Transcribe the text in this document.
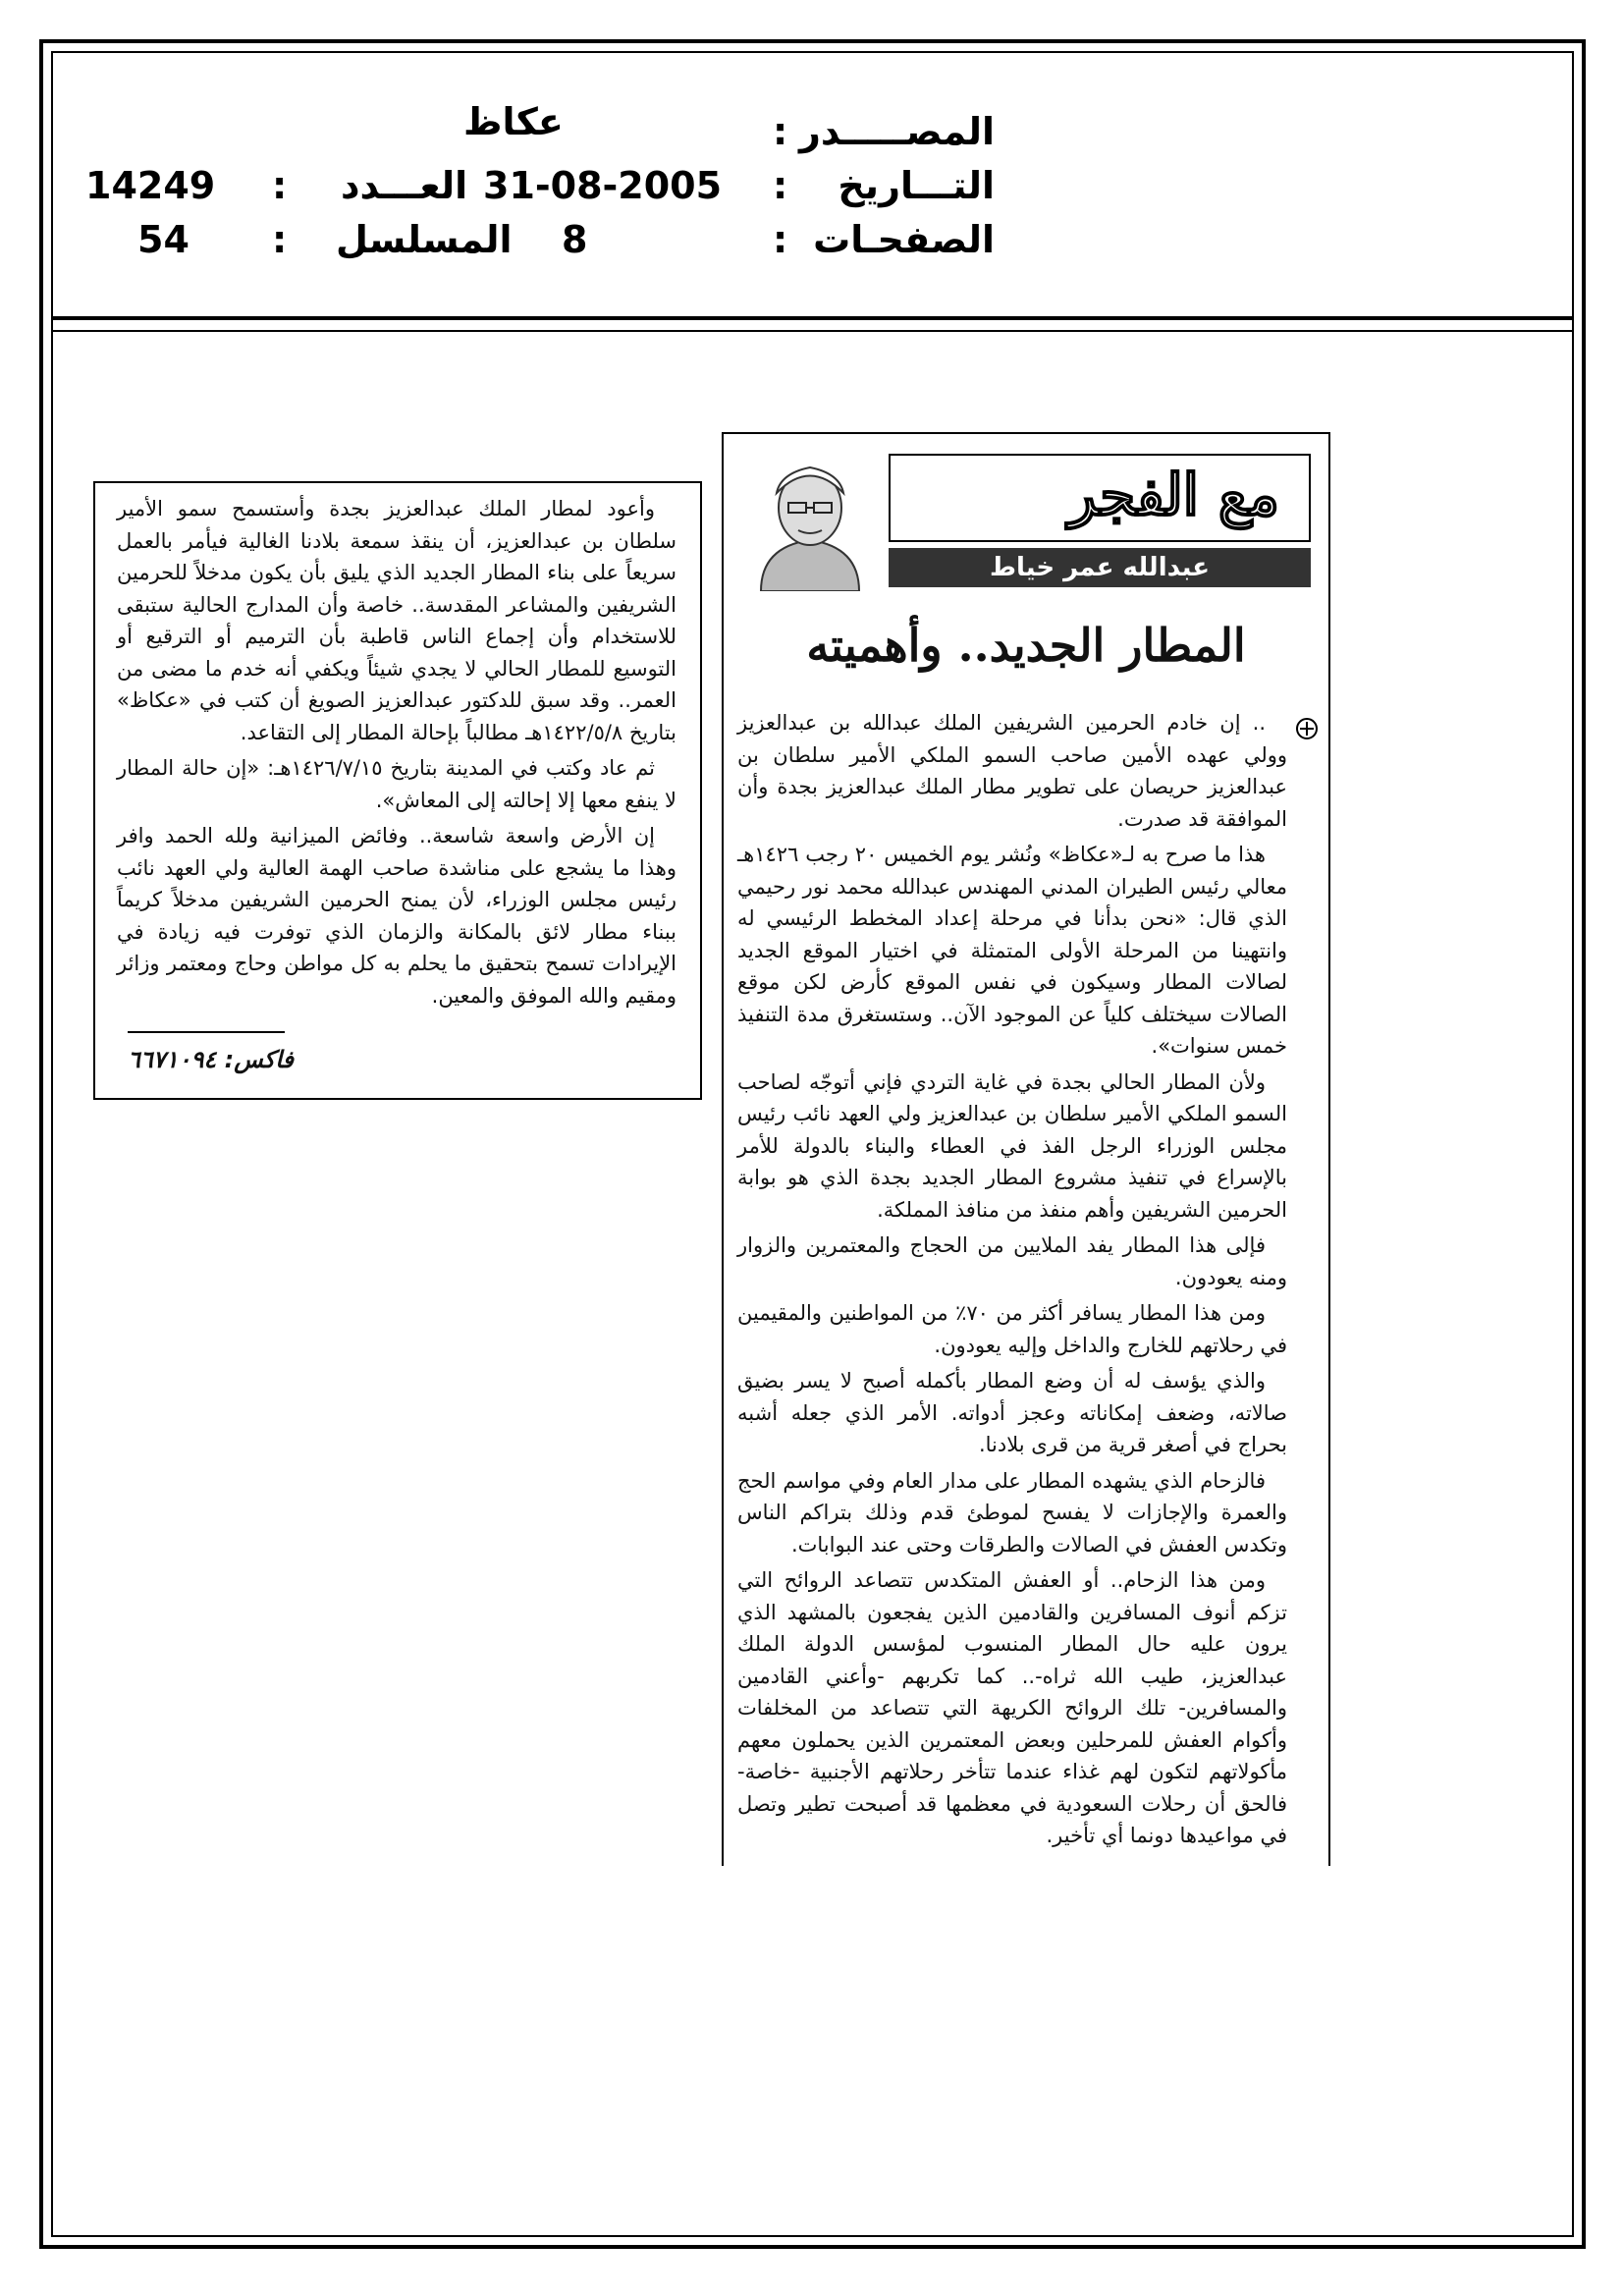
المصـــــدر
:
عكاظ
التـــاريخ
:
31-08-2005
العـــدد
:
14249
الصفحـات
:
8
المسلسل
:
54
مع الفجر
عبدالله عمر خياط
المطار الجديد.. وأهميته

.. إن خادم الحرمين الشريفين الملك عبدالله بن عبدالعزيز وولي عهده الأمين صاحب السمو الملكي الأمير سلطان بن عبدالعزيز حريصان على تطوير مطار الملك عبدالعزيز بجدة وأن الموافقة قد صدرت.

هذا ما صرح به لـ«عكاظ» ونُشر يوم الخميس ٢٠ رجب ١٤٢٦هـ معالي رئيس الطيران المدني المهندس عبدالله محمد نور رحيمي الذي قال: «نحن بدأنا في مرحلة إعداد المخطط الرئيسي له وانتهينا من المرحلة الأولى المتمثلة في اختيار الموقع الجديد لصالات المطار وسيكون في نفس الموقع كأرض لكن موقع الصالات سيختلف كلياً عن الموجود الآن.. وستستغرق مدة التنفيذ خمس سنوات».

ولأن المطار الحالي بجدة في غاية التردي فإني أتوجّه لصاحب السمو الملكي الأمير سلطان بن عبدالعزيز ولي العهد نائب رئيس مجلس الوزراء الرجل الفذ في العطاء والبناء بالدولة للأمر بالإسراع في تنفيذ مشروع المطار الجديد بجدة الذي هو بوابة الحرمين الشريفين وأهم منفذ من منافذ المملكة.

فإلى هذا المطار يفد الملايين من الحجاج والمعتمرين والزوار ومنه يعودون.

ومن هذا المطار يسافر أكثر من ٧٠٪ من المواطنين والمقيمين في رحلاتهم للخارج والداخل وإليه يعودون.

والذي يؤسف له أن وضع المطار بأكمله أصبح لا يسر بضيق صالاته، وضعف إمكاناته وعجز أدواته. الأمر الذي جعله أشبه بحراج في أصغر قرية من قرى بلادنا.

فالزحام الذي يشهده المطار على مدار العام وفي مواسم الحج والعمرة والإجازات لا يفسح لموطئ قدم وذلك بتراكم الناس وتكدس العفش في الصالات والطرقات وحتى عند البوابات.

ومن هذا الزحام.. أو العفش المتكدس تتصاعد الروائح التي تزكم أنوف المسافرين والقادمين الذين يفجعون بالمشهد الذي يرون عليه حال المطار المنسوب لمؤسس الدولة الملك عبدالعزيز، طيب الله ثراه-.. كما تكربهم -وأعني القادمين والمسافرين- تلك الروائح الكريهة التي تتصاعد من المخلفات وأكوام العفش للمرحلين وبعض المعتمرين الذين يحملون معهم مأكولاتهم لتكون لهم غذاء عندما تتأخر رحلاتهم الأجنبية -خاصة- فالحق أن رحلات السعودية في معظمها قد أصبحت تطير وتصل في مواعيدها دونما أي تأخير.

وأعود لمطار الملك عبدالعزيز بجدة وأستسمح سمو الأمير سلطان بن عبدالعزيز، أن ينقذ سمعة بلادنا الغالية فيأمر بالعمل سريعاً على بناء المطار الجديد الذي يليق بأن يكون مدخلاً للحرمين الشريفين والمشاعر المقدسة.. خاصة وأن المدارج الحالية ستبقى للاستخدام وأن إجماع الناس قاطبة بأن الترميم أو الترقيع أو التوسيع للمطار الحالي لا يجدي شيئاً ويكفي أنه خدم ما مضى من العمر.. وقد سبق للدكتور عبدالعزيز الصويغ أن كتب في «عكاظ» بتاريخ ١٤٢٢/٥/٨هـ مطالباً بإحالة المطار إلى التقاعد.

ثم عاد وكتب في المدينة بتاريخ ١٤٢٦/٧/١٥هـ: «إن حالة المطار لا ينفع معها إلا إحالته إلى المعاش».

إن الأرض واسعة شاسعة.. وفائض الميزانية ولله الحمد وافر وهذا ما يشجع على مناشدة صاحب الهمة العالية ولي العهد نائب رئيس مجلس الوزراء، لأن يمنح الحرمين الشريفين مدخلاً كريماً ببناء مطار لائق بالمكانة والزمان الذي توفرت فيه زيادة في الإيرادات تسمح بتحقيق ما يحلم به كل مواطن وحاج ومعتمر وزائر ومقيم والله الموفق والمعين.

فاكس: ٦٦٧١٠٩٤
